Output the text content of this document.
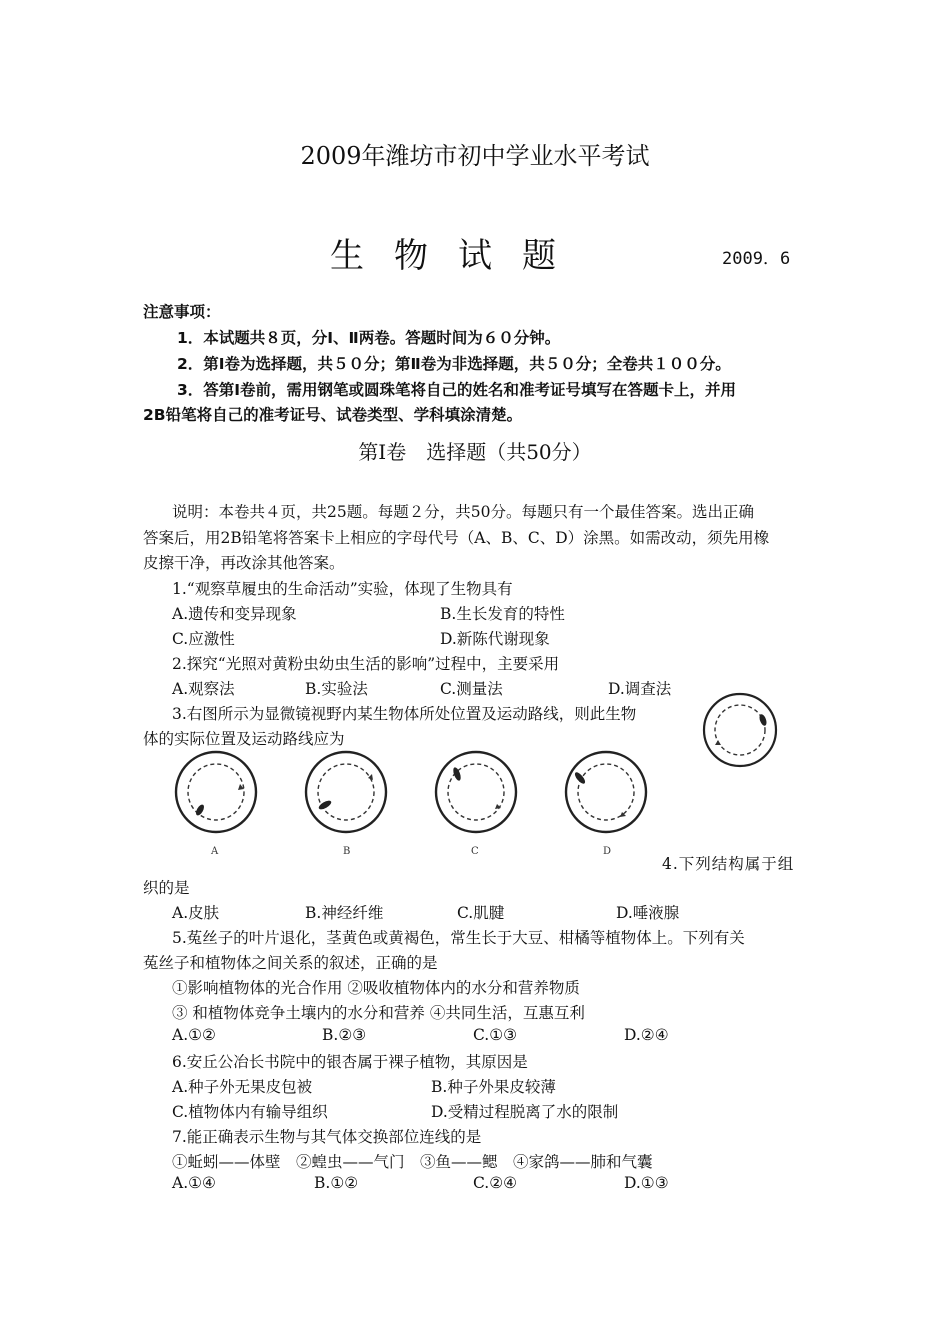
2009年潍坊市初中学业水平考试
生物试题	2009．6
注意事项：
1．本试题共８页，分Ⅰ、Ⅱ两卷。答题时间为６０分钟。
2．第Ⅰ卷为选择题，共５０分；第Ⅱ卷为非选择题，共５０分；全卷共１００分。
3．答第Ⅰ卷前，需用钢笔或圆珠笔将自己的姓名和准考证号填写在答题卡上，并用
2B铅笔将自己的准考证号、试卷类型、学科填涂清楚。
第Ⅰ卷　选择题（共50分）
说明：本卷共４页，共25题。每题２分，共50分。每题只有一个最佳答案。选出正确
答案后，用2B铅笔将答案卡上相应的字母代号（A、B、C、D）涂黑。如需改动，须先用橡
皮擦干净，再改涂其他答案。
1.“观察草履虫的生命活动”实验，体现了生物具有
A.遗传和变异现象	B.生长发育的特性
C.应激性	D.新陈代谢现象
2.探究“光照对黄粉虫幼虫生活的影响”过程中，主要采用
A.观察法	B.实验法	C.测量法	D.调查法
3.右图所示为显微镜视野内某生物体所处位置及运动路线，则此生物
体的实际位置及运动路线应为
A	B	C	D
4.下列结构属于组
织的是
A.皮肤	B.神经纤维	C.肌腱	D.唾液腺
5.菟丝子的叶片退化，茎黄色或黄褐色，常生长于大豆、柑橘等植物体上。下列有关
菟丝子和植物体之间关系的叙述，正确的是
①影响植物体的光合作用 ②吸收植物体内的水分和营养物质
③ 和植物体竞争土壤内的水分和营养 ④共同生活，互惠互利
A.①②	B.②③	C.①③	D.②④
6.安丘公冶长书院中的银杏属于裸子植物，其原因是
A.种子外无果皮包被	B.种子外果皮较薄
C.植物体内有输导组织	D.受精过程脱离了水的限制
7.能正确表示生物与其气体交换部位连线的是
①蚯蚓——体壁　②蝗虫——气门　③鱼——鳃　④家鸽——肺和气囊
A.①④	B.①②	C.②④	D.①③
